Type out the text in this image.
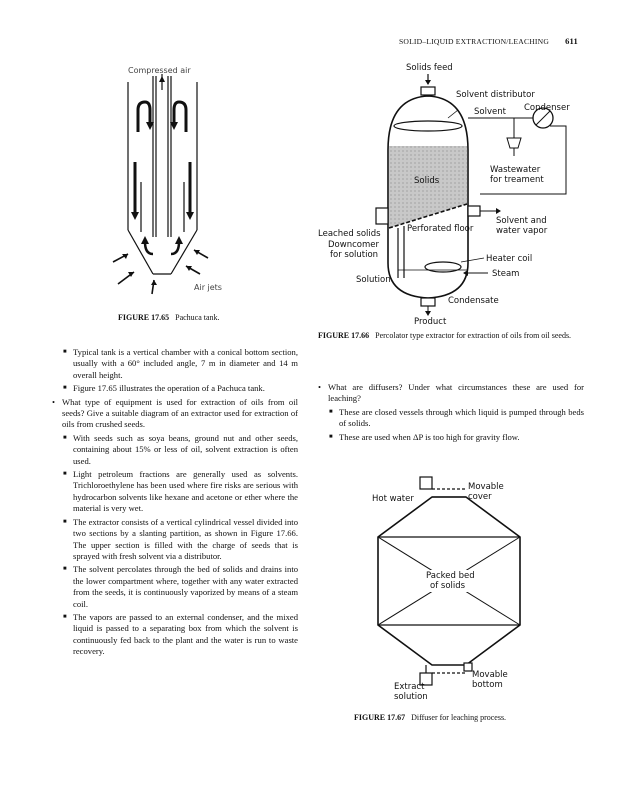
SOLID–LIQUID EXTRACTION/LEACHING 611
Compressed air
Air jets
FIGURE 17.65 Pachuca tank.
Solids feed
Solvent distributor
Condenser
Solvent
Wastewater
for treament
Solids
Perforated floor
Leached solids
Downcomer
for solution
Solvent and
water vapor
Heater coil
Steam
Solution
Condensate
Product
FIGURE 17.66 Percolator type extractor for extraction of oils from oil seeds.
Hot water
Movable
cover
Packed bed
of solids
Movable
bottom
Extract
solution
FIGURE 17.67 Diffuser for leaching process.
■ Typical tank is a vertical chamber with a conical bottom section, usually with a 60° included angle, 7 m in diameter and 14 m overall height.
■ Figure 17.65 illustrates the operation of a Pachuca tank.
• What type of equipment is used for extraction of oils from oil seeds? Give a suitable diagram of an extractor used for extraction of oils from crushed seeds.
■ With seeds such as soya beans, ground nut and other seeds, containing about 15% or less of oil, solvent extraction is often used.
■ Light petroleum fractions are generally used as solvents. Trichloroethylene has been used where fire risks are serious with hydrocarbon solvents like hexane and acetone or ether where the material is very wet.
■ The extractor consists of a vertical cylindrical vessel divided into two sections by a slanting partition, as shown in Figure 17.66. The upper section is filled with the charge of seeds that is sprayed with fresh solvent via a distributor.
■ The solvent percolates through the bed of solids and drains into the lower compartment where, together with any water extracted from the seeds, it is continuously vaporized by means of a steam coil.
■ The vapors are passed to an external condenser, and the mixed liquid is passed to a separating box from which the solvent is continuously fed back to the plant and the water is run to waste recovery.
• What are diffusers? Under what circumstances these are used for leaching?
■ These are closed vessels through which liquid is pumped through beds of solids.
■ These are used when ΔP is too high for gravity flow.
